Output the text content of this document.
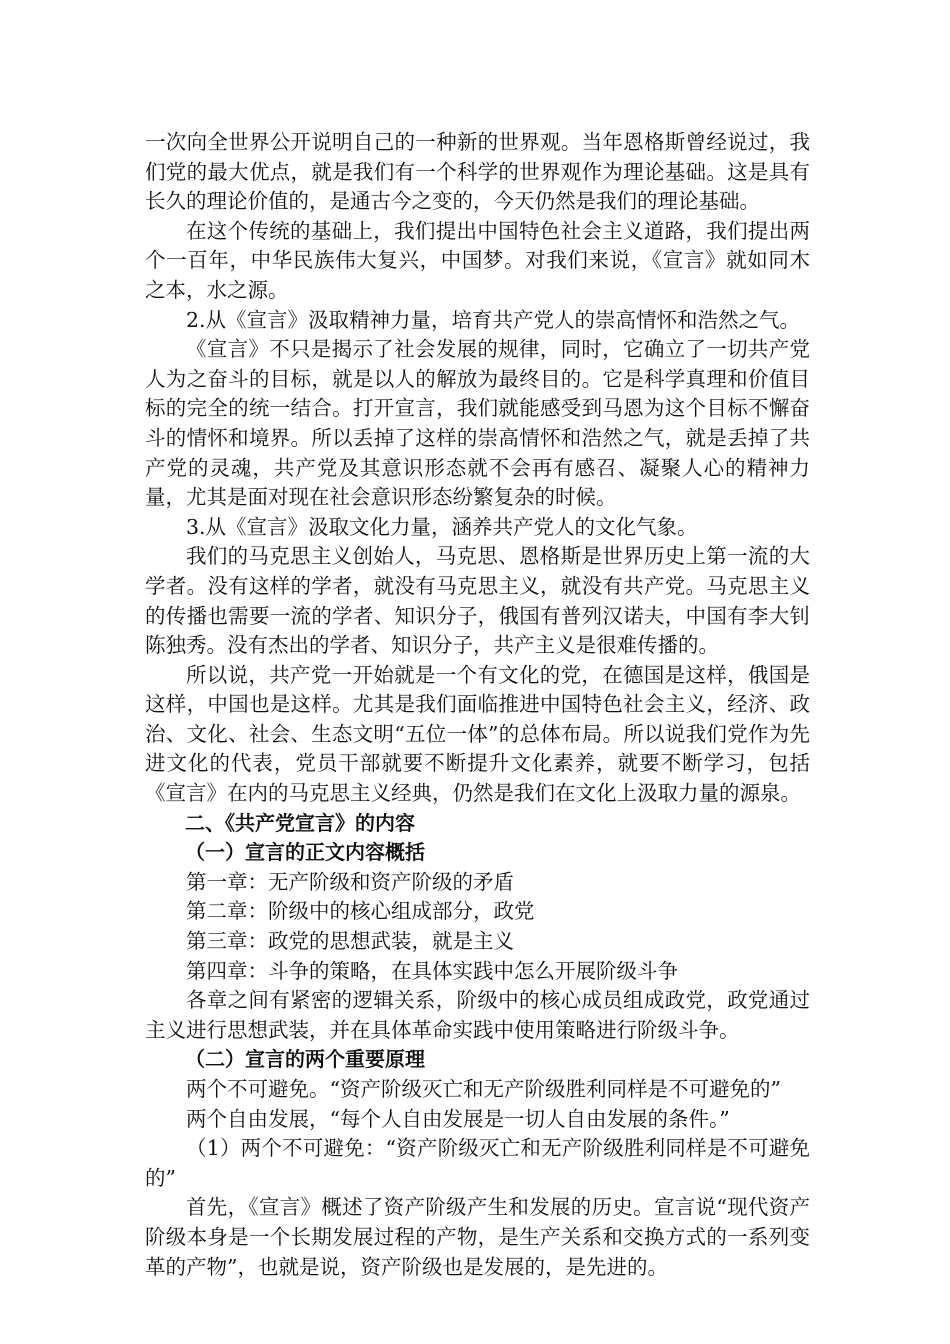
一次向全世界公开说明自己的一种新的世界观。当年恩格斯曾经说过，我们党的最大优点，就是我们有一个科学的世界观作为理论基础。这是具有长久的理论价值的，是通古今之变的，今天仍然是我们的理论基础。

在这个传统的基础上，我们提出中国特色社会主义道路，我们提出两个一百年，中华民族伟大复兴，中国梦。对我们来说，《宣言》就如同木之本，水之源。

2.从《宣言》汲取精神力量，培育共产党人的崇高情怀和浩然之气。

《宣言》不只是揭示了社会发展的规律，同时，它确立了一切共产党人为之奋斗的目标，就是以人的解放为最终目的。它是科学真理和价值目标的完全的统一结合。打开宣言，我们就能感受到马恩为这个目标不懈奋斗的情怀和境界。所以丢掉了这样的崇高情怀和浩然之气，就是丢掉了共产党的灵魂，共产党及其意识形态就不会再有感召、凝聚人心的精神力量，尤其是面对现在社会意识形态纷繁复杂的时候。

3.从《宣言》汲取文化力量，涵养共产党人的文化气象。

我们的马克思主义创始人，马克思、恩格斯是世界历史上第一流的大学者。没有这样的学者，就没有马克思主义，就没有共产党。马克思主义的传播也需要一流的学者、知识分子，俄国有普列汉诺夫，中国有李大钊陈独秀。没有杰出的学者、知识分子，共产主义是很难传播的。

所以说，共产党一开始就是一个有文化的党，在德国是这样，俄国是这样，中国也是这样。尤其是我们面临推进中国特色社会主义，经济、政治、文化、社会、生态文明“五位一体”的总体布局。所以说我们党作为先进文化的代表，党员干部就要不断提升文化素养，就要不断学习，包括《宣言》在内的马克思主义经典，仍然是我们在文化上汲取力量的源泉。

二、《共产党宣言》的内容

（一）宣言的正文内容概括

第一章：无产阶级和资产阶级的矛盾

第二章：阶级中的核心组成部分，政党

第三章：政党的思想武装，就是主义

第四章：斗争的策略，在具体实践中怎么开展阶级斗争

各章之间有紧密的逻辑关系，阶级中的核心成员组成政党，政党通过主义进行思想武装，并在具体革命实践中使用策略进行阶级斗争。

（二）宣言的两个重要原理

两个不可避免。“资产阶级灭亡和无产阶级胜利同样是不可避免的”

两个自由发展，“每个人自由发展是一切人自由发展的条件。”

（1）两个不可避免：“资产阶级灭亡和无产阶级胜利同样是不可避免的”

首先，《宣言》概述了资产阶级产生和发展的历史。宣言说“现代资产阶级本身是一个长期发展过程的产物，是生产关系和交换方式的一系列变革的产物”，也就是说，资产阶级也是发展的，是先进的。
